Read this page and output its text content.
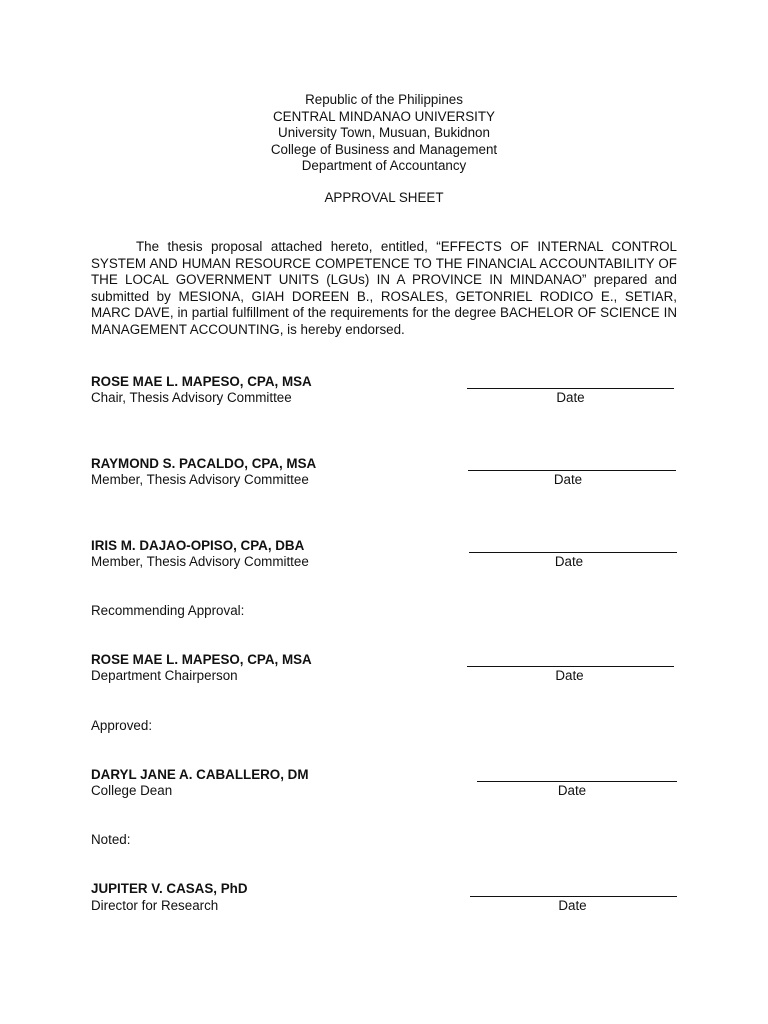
Republic of the Philippines
CENTRAL MINDANAO UNIVERSITY
University Town, Musuan, Bukidnon
College of Business and Management
Department of Accountancy
APPROVAL SHEET
The thesis proposal attached hereto, entitled, “EFFECTS OF INTERNAL CONTROL SYSTEM AND HUMAN RESOURCE COMPETENCE TO THE FINANCIAL ACCOUNTABILITY OF THE LOCAL GOVERNMENT UNITS (LGUs) IN A PROVINCE IN MINDANAO” prepared and submitted by MESIONA, GIAH DOREEN B., ROSALES, GETONRIEL RODICO E., SETIAR, MARC DAVE, in partial fulfillment of the requirements for the degree BACHELOR OF SCIENCE IN MANAGEMENT ACCOUNTING, is hereby endorsed.
ROSE MAE L. MAPESO, CPA, MSA
Chair, Thesis Advisory Committee	Date
RAYMOND S. PACALDO, CPA, MSA
Member, Thesis Advisory Committee	Date
IRIS M. DAJAO-OPISO, CPA, DBA
Member, Thesis Advisory Committee	Date
Recommending Approval:
ROSE MAE L. MAPESO, CPA, MSA
Department Chairperson	Date
Approved:
DARYL JANE A. CABALLERO, DM
College Dean	Date
Noted:
JUPITER V. CASAS, PhD
Director for Research	Date
